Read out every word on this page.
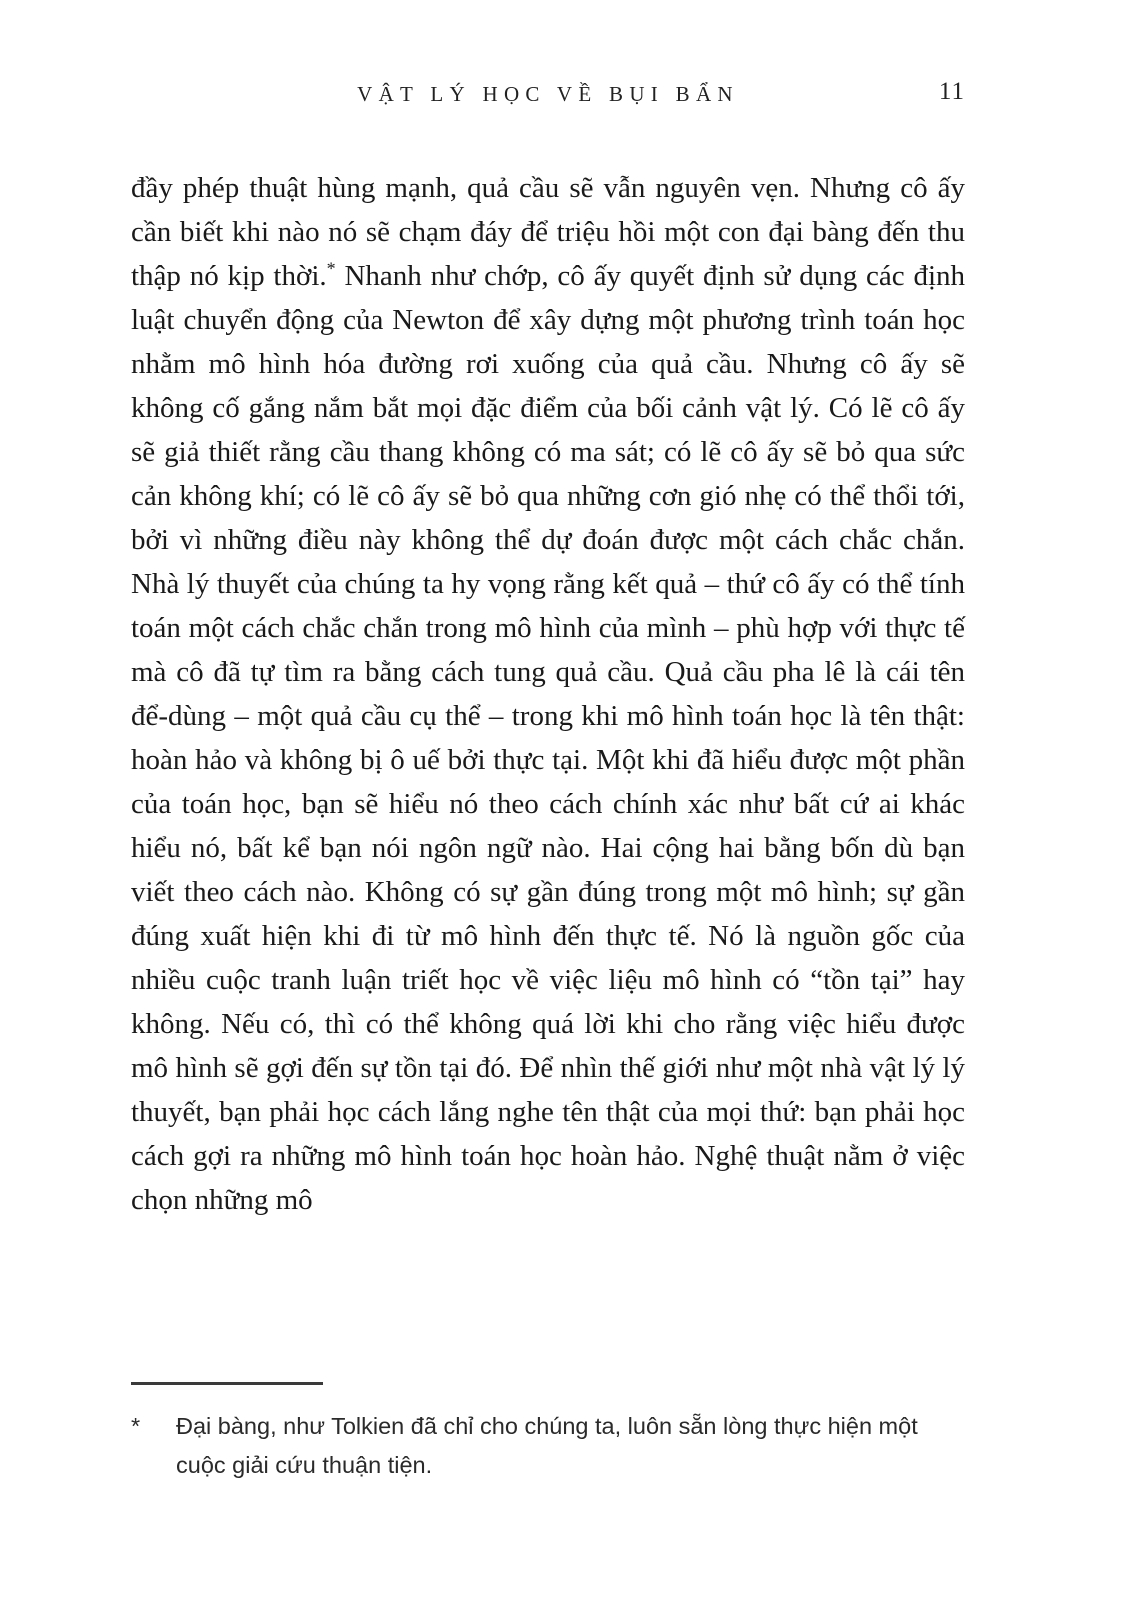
VẬT LÝ HỌC VỀ BỤI BẨN	11

đầy phép thuật hùng mạnh, quả cầu sẽ vẫn nguyên vẹn. Nhưng cô ấy cần biết khi nào nó sẽ chạm đáy để triệu hồi một con đại bàng đến thu thập nó kịp thời.* Nhanh như chớp, cô ấy quyết định sử dụng các định luật chuyển động của Newton để xây dựng một phương trình toán học nhằm mô hình hóa đường rơi xuống của quả cầu. Nhưng cô ấy sẽ không cố gắng nắm bắt mọi đặc điểm của bối cảnh vật lý. Có lẽ cô ấy sẽ giả thiết rằng cầu thang không có ma sát; có lẽ cô ấy sẽ bỏ qua sức cản không khí; có lẽ cô ấy sẽ bỏ qua những cơn gió nhẹ có thể thổi tới, bởi vì những điều này không thể dự đoán được một cách chắc chắn. Nhà lý thuyết của chúng ta hy vọng rằng kết quả – thứ cô ấy có thể tính toán một cách chắc chắn trong mô hình của mình – phù hợp với thực tế mà cô đã tự tìm ra bằng cách tung quả cầu. Quả cầu pha lê là cái tên để-dùng – một quả cầu cụ thể – trong khi mô hình toán học là tên thật: hoàn hảo và không bị ô uế bởi thực tại. Một khi đã hiểu được một phần của toán học, bạn sẽ hiểu nó theo cách chính xác như bất cứ ai khác hiểu nó, bất kể bạn nói ngôn ngữ nào. Hai cộng hai bằng bốn dù bạn viết theo cách nào. Không có sự gần đúng trong một mô hình; sự gần đúng xuất hiện khi đi từ mô hình đến thực tế. Nó là nguồn gốc của nhiều cuộc tranh luận triết học về việc liệu mô hình có “tồn tại” hay không. Nếu có, thì có thể không quá lời khi cho rằng việc hiểu được mô hình sẽ gợi đến sự tồn tại đó. Để nhìn thế giới như một nhà vật lý lý thuyết, bạn phải học cách lắng nghe tên thật của mọi thứ: bạn phải học cách gợi ra những mô hình toán học hoàn hảo. Nghệ thuật nằm ở việc chọn những mô

*	Đại bàng, như Tolkien đã chỉ cho chúng ta, luôn sẵn lòng thực hiện một cuộc giải cứu thuận tiện.
